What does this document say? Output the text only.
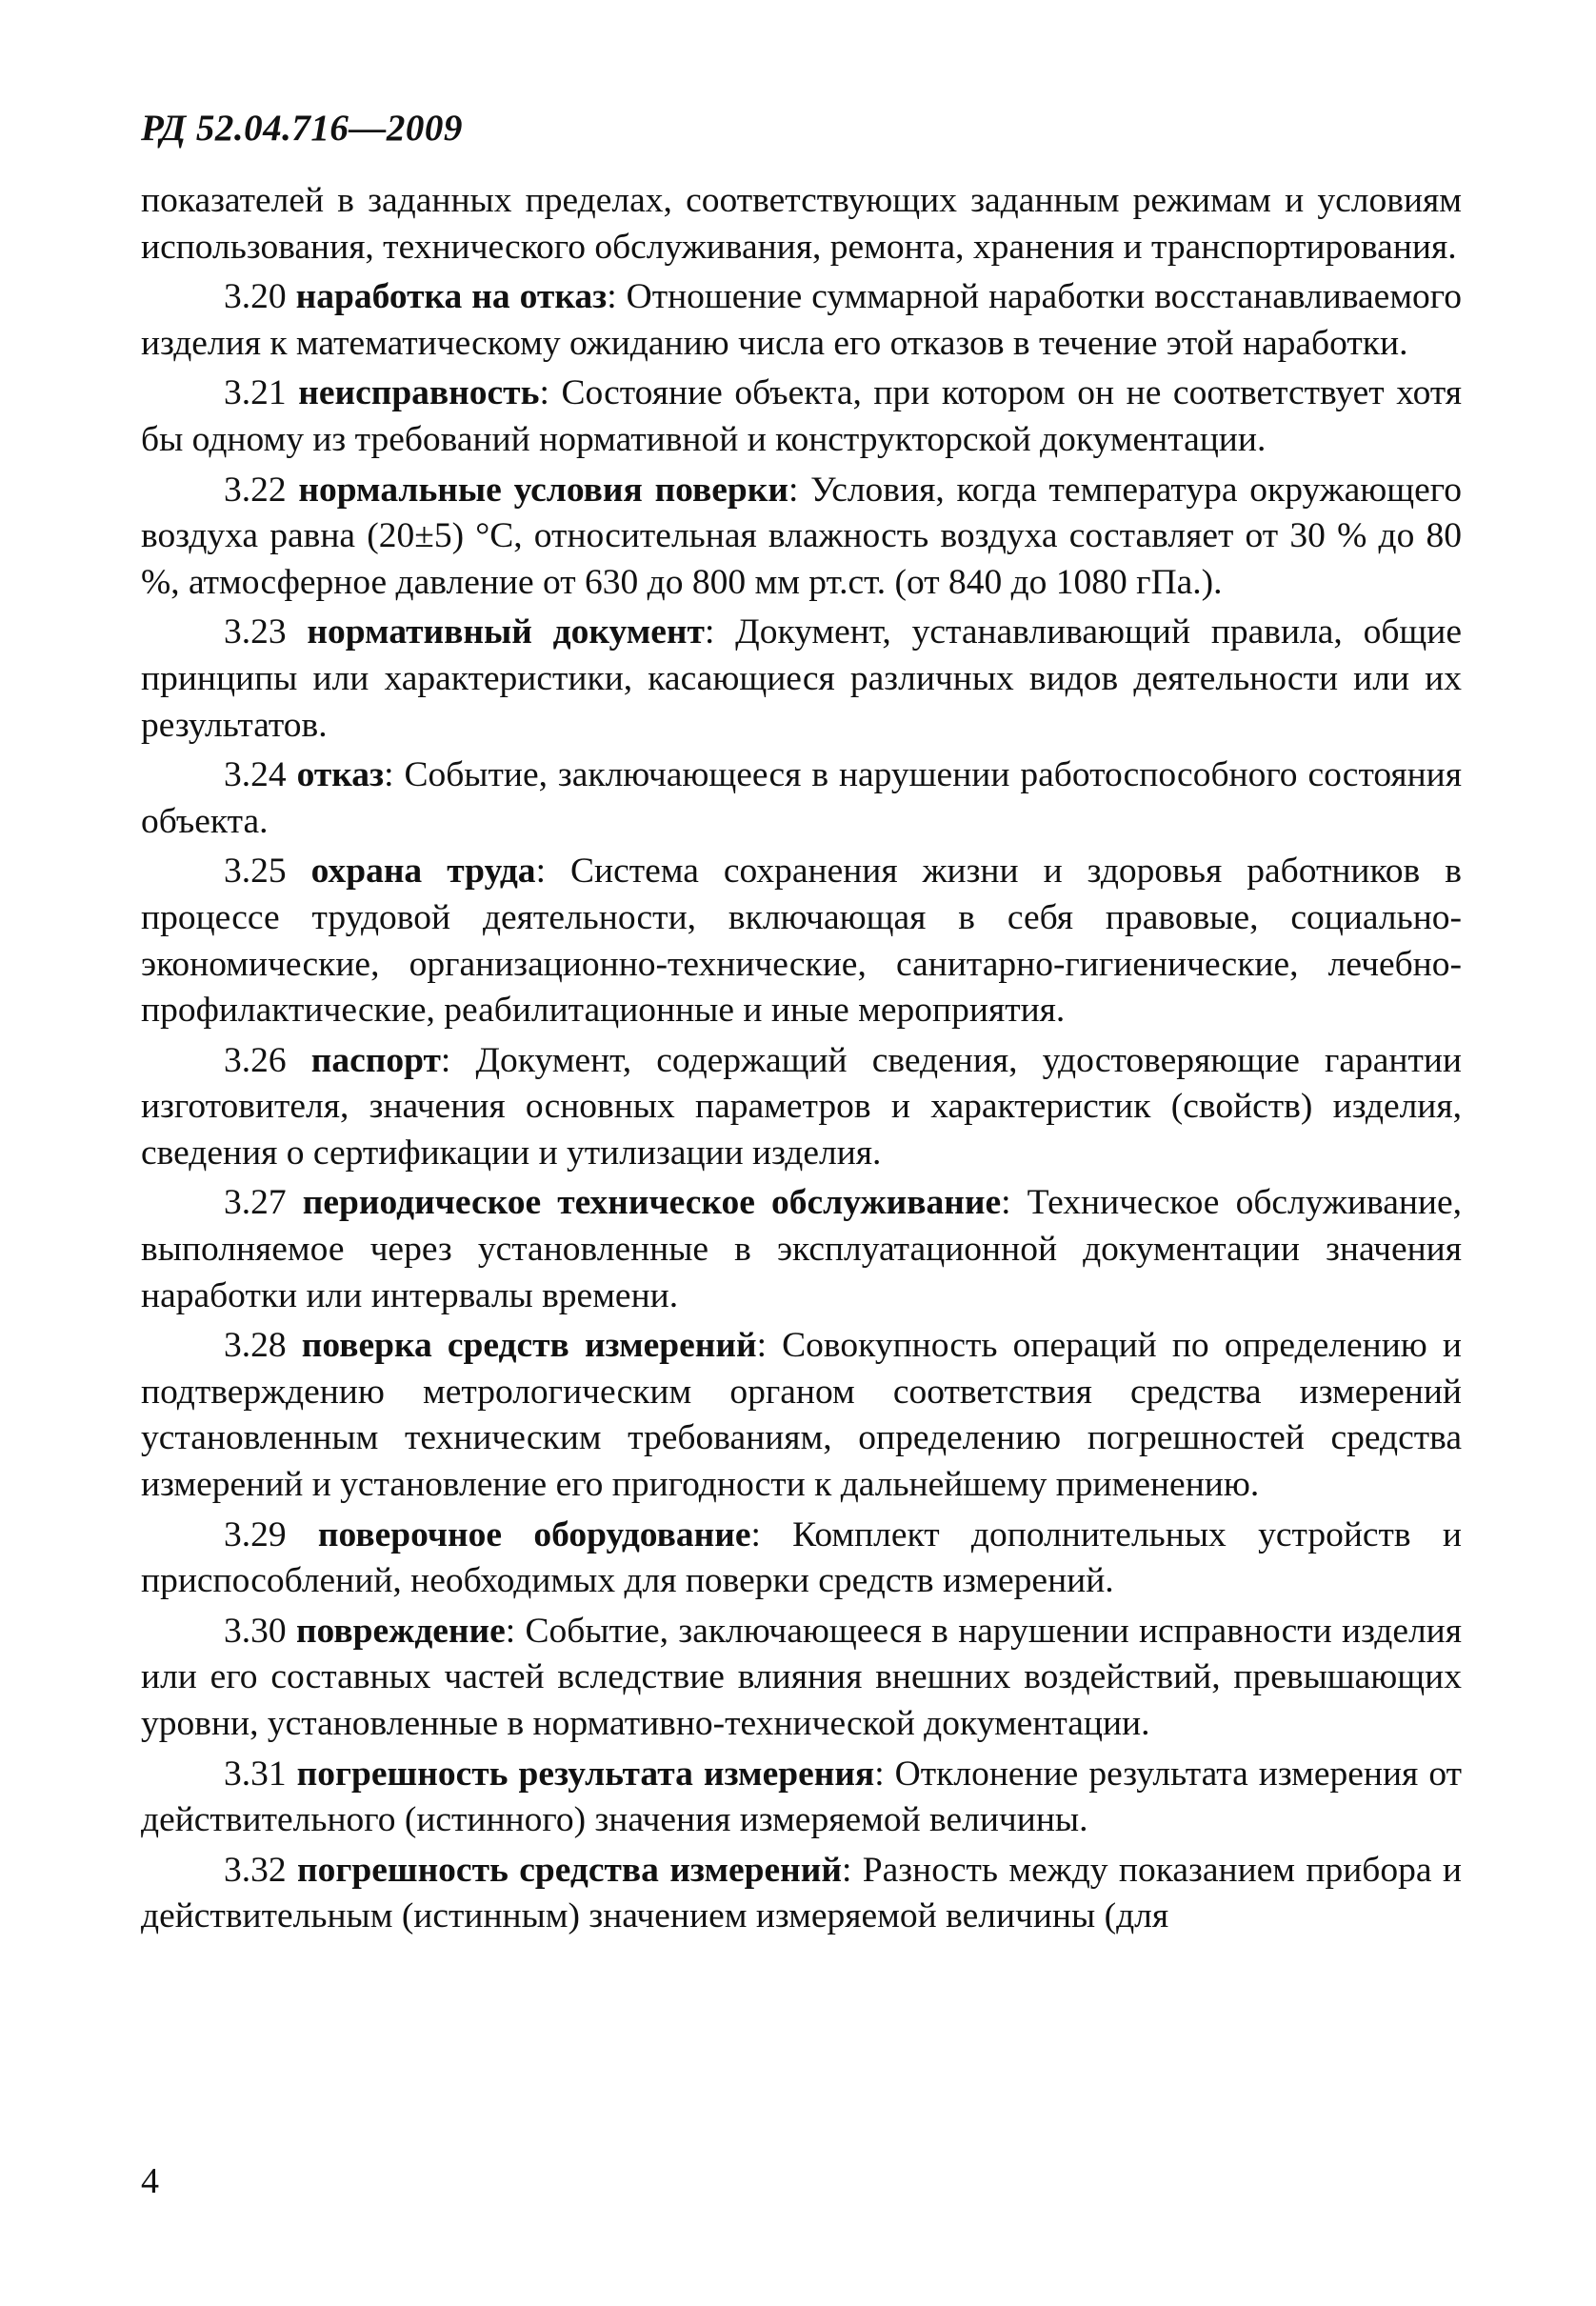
РД 52.04.716—2009

показателей в заданных пределах, соответствующих заданным режимам и условиям использования, технического обслуживания, ремонта, хранения и транспортирования.

3.20 наработка на отказ: Отношение суммарной наработки восстанавливаемого изделия к математическому ожиданию числа его отказов в течение этой наработки.

3.21 неисправность: Состояние объекта, при котором он не соответствует хотя бы одному из требований нормативной и конструкторской документации.

3.22 нормальные условия поверки: Условия, когда температура окружающего воздуха равна (20±5) °С, относительная влажность воздуха составляет от 30 % до 80 %, атмосферное давление от 630 до 800 мм рт.ст. (от 840 до 1080 гПа.).

3.23 нормативный документ: Документ, устанавливающий правила, общие принципы или характеристики, касающиеся различных видов деятельности или их результатов.

3.24 отказ: Событие, заключающееся в нарушении работоспособного состояния объекта.

3.25 охрана труда: Система сохранения жизни и здоровья работников в процессе трудовой деятельности, включающая в себя правовые, социально-экономические, организационно-технические, санитарно-гигиенические, лечебно-профилактические, реабилитационные и иные мероприятия.

3.26 паспорт: Документ, содержащий сведения, удостоверяющие гарантии изготовителя, значения основных параметров и характеристик (свойств) изделия, сведения о сертификации и утилизации изделия.

3.27 периодическое техническое обслуживание: Техническое обслуживание, выполняемое через установленные в эксплуатационной документации значения наработки или интервалы времени.

3.28 поверка средств измерений: Совокупность операций по определению и подтверждению метрологическим органом соответствия средства измерений установленным техническим требованиям, определению погрешностей средства измерений и установление его пригодности к дальнейшему применению.

3.29 поверочное оборудование: Комплект дополнительных устройств и приспособлений, необходимых для поверки средств измерений.

3.30 повреждение: Событие, заключающееся в нарушении исправности изделия или его составных частей вследствие влияния внешних воздействий, превышающих уровни, установленные в нормативно-технической документации.

3.31 погрешность результата измерения: Отклонение результата измерения от действительного (истинного) значения измеряемой величины.

3.32 погрешность средства измерений: Разность между показанием прибора и действительным (истинным) значением измеряемой величины (для

4
